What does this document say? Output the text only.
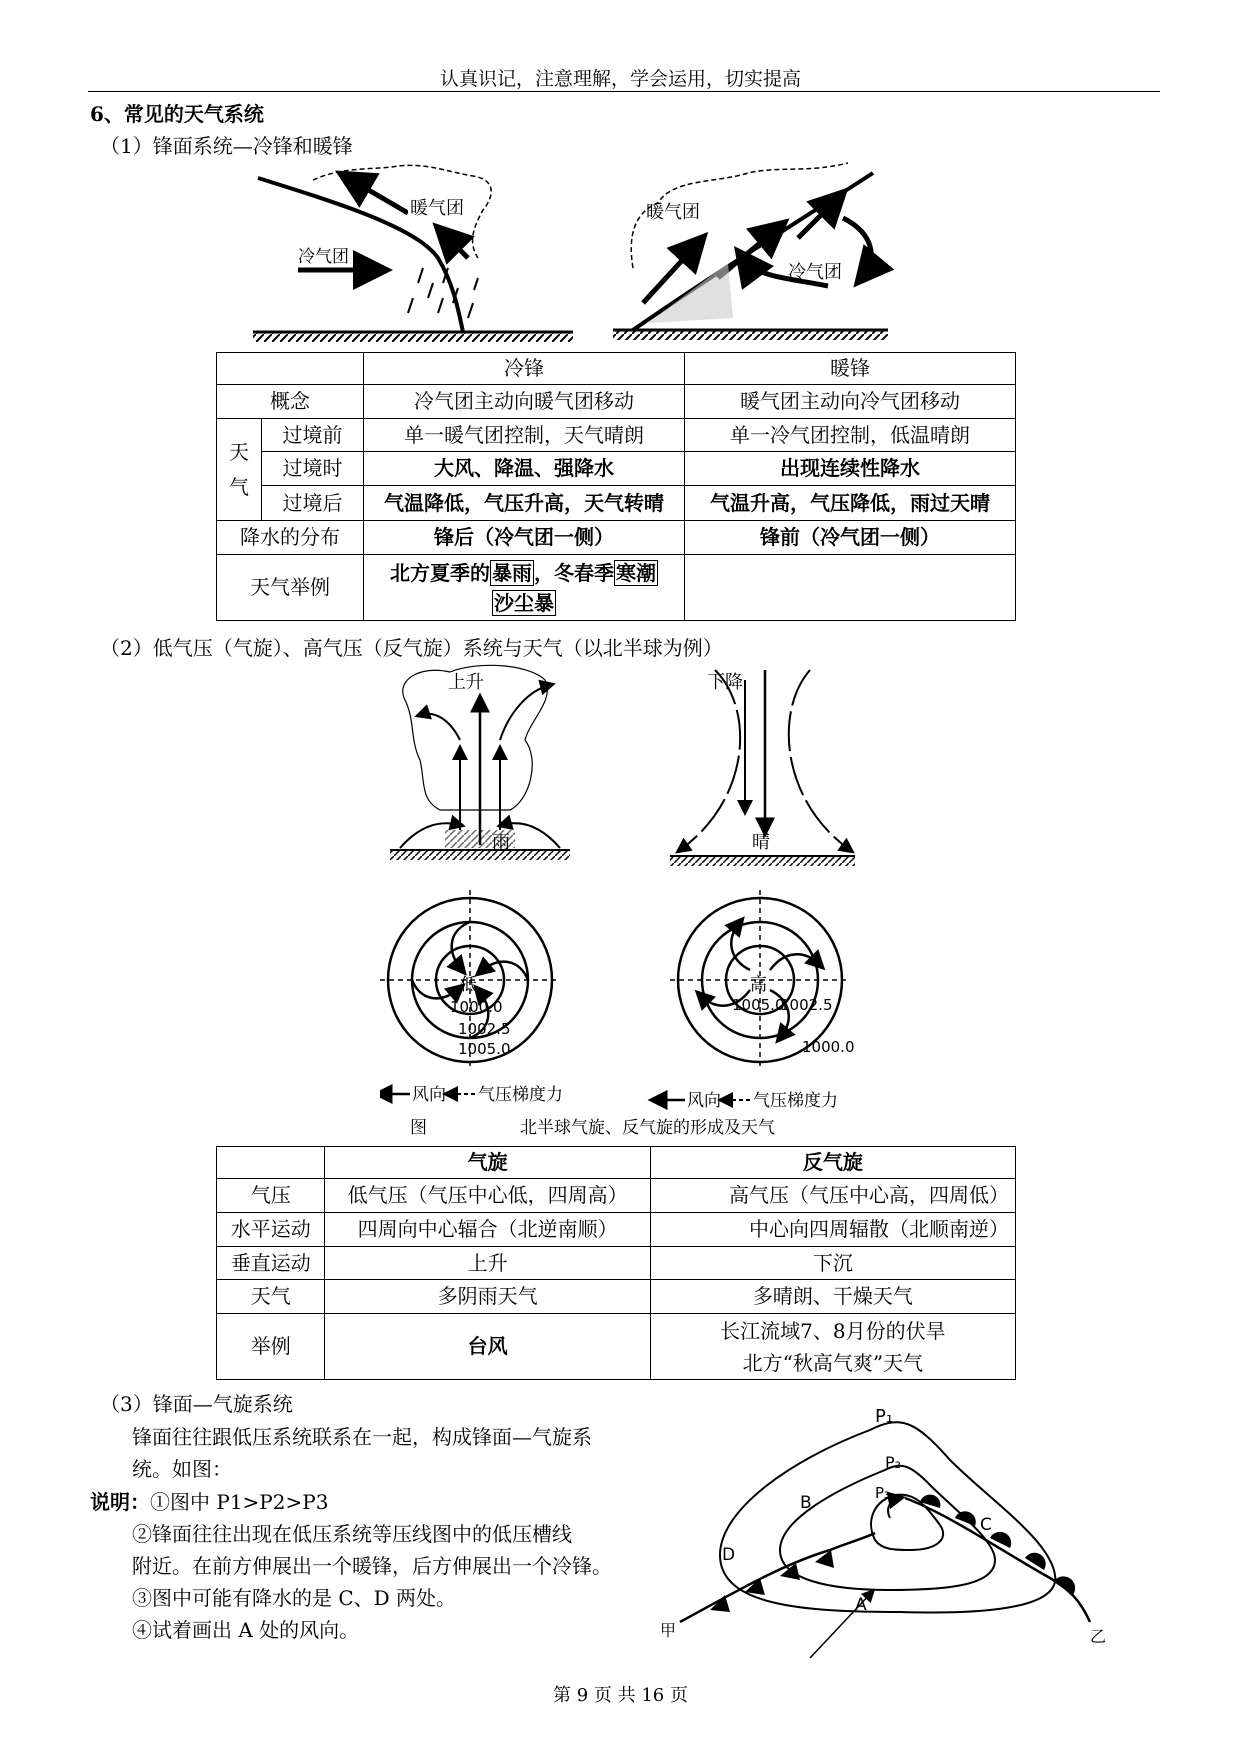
认真识记，注意理解，学会运用，切实提高
6、常见的天气系统
（1）锋面系统—冷锋和暖锋
暖气团
冷气团
暖气团
冷气团
		冷锋	暖锋
概念		冷气团主动向暖气团移动	暖气团主动向冷气团移动

天
气	过境前	单一暖气团控制，天气晴朗	单一冷气团控制，低温晴朗
	过境时	大风、降温、强降水	出现连续性降水
	过境后	气温降低，气压升高，天气转晴	气温升高，气压降低，雨过天晴
降水的分布		锋后（冷气团一侧）	锋前（冷气团一侧）
天气举例		北方夏季的 暴雨 ，冬春季 寒潮
沙尘暴	
（2）低气压（气旋）、高气压（反气旋）系统与天气（以北半球为例）
上升
雨
下降
晴
低
1000.0
1002.5
1005.0
高
1005.0
1002.5
1000.0
风向 气压梯度力	风向 气压梯度力
图	北半球气旋、反气旋的形成及天气
	气旋	反气旋
气压	低气压（气压中心低，四周高）	高气压（气压中心高，四周低）
水平运动	四周向中心辐合（北逆南顺）	中心向四周辐散（北顺南逆）
垂直运动	上升	下沉
天气	多阴雨天气	多晴朗、干燥天气
举例	台风	长江流域7、8月份的伏旱
北方“秋高气爽”天气
（3）锋面—气旋系统
锋面往往跟低压系统联系在一起，构成锋面—气旋系
统。如图：
说明：①图中 P1>P2>P3
②锋面往往出现在低压系统等压线图中的低压槽线
附近。在前方伸展出一个暖锋，后方伸展出一个冷锋。
③图中可能有降水的是 C、D 两处。
④试着画出 A 处的风向。
P₁
P₂
P₃
A
B
C
D
甲	乙
第 9 页 共 16 页
